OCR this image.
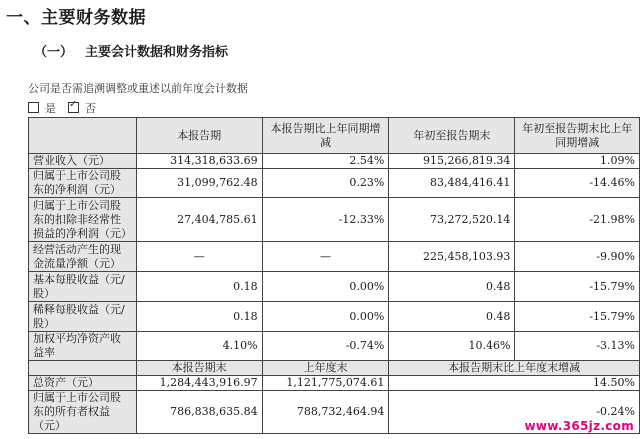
一、主要财务数据
（一） 主要会计数据和财务指标
公司是否需追溯调整或重述以前年度会计数据
是 ✓	否
	本报告期	本报告期比上年同期增减	年初至报告期末	年初至报告期末比上年同期增减
营业收入（元）	314,318,633.69	2.54%	915,266,819.34	1.09%
归属于上市公司股东的净利润（元）	31,099,762.48	0.23%	83,484,416.41	-14.46%
归属于上市公司股东的扣除非经常性损益的净利润（元）	27,404,785.61	-12.33%	73,272,520.14	-21.98%
经营活动产生的现金流量净额（元）	—	—	225,458,103.93	-9.90%
基本每股收益（元/股）	0.18	0.00%	0.48	-15.79%
稀释每股收益（元/股）	0.18	0.00%	0.48	-15.79%
加权平均净资产收益率	4.10%	-0.74%	10.46%	-3.13%
	本报告期末	上年度末	本报告期末比上年度末增减	
总资产（元）	1,284,443,916.97	1,121,775,074.61	14.50%	
归属于上市公司股东的所有者权益（元）	786,838,635.84	788,732,464.94	-0.24%	
www.365jz.com
